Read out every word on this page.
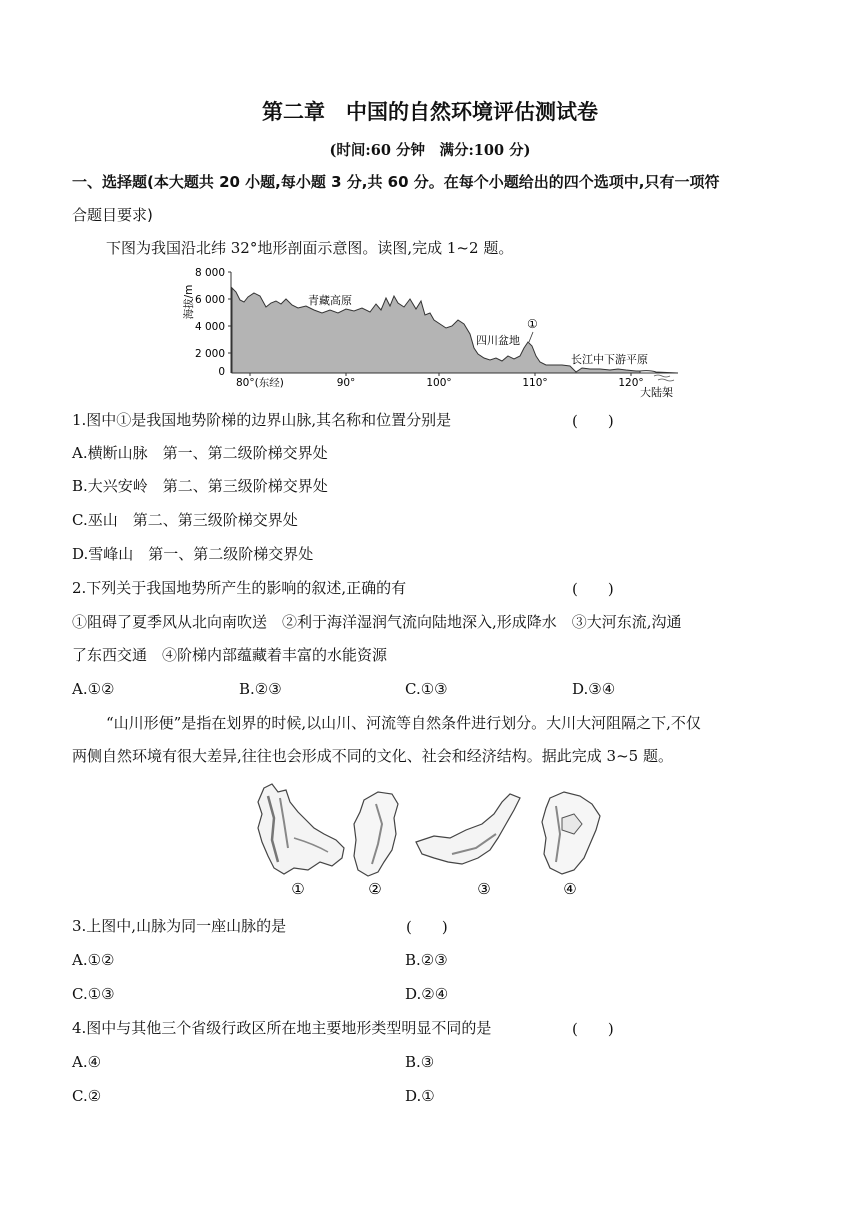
第二章　中国的自然环境评估测试卷
(时间:60 分钟　满分:100 分)
一、选择题(本大题共 20 小题,每小题 3 分,共 60 分。在每个小题给出的四个选项中,只有一项符
合题目要求)
下图为我国沿北纬 32°地形剖面示意图。读图,完成 1~2 题。
海拔/m
8 000
6 000
4 000
2 000
0
80°(东经)	90°	100°	110°	120°
青藏高原
四川盆地
①
长江中下游平原
大陆架
1.图中①是我国地势阶梯的边界山脉,其名称和位置分别是	(　　)
A.横断山脉　第一、第二级阶梯交界处
B.大兴安岭　第二、第三级阶梯交界处
C.巫山　第二、第三级阶梯交界处
D.雪峰山　第一、第二级阶梯交界处
2.下列关于我国地势所产生的影响的叙述,正确的有	(　　)
①阻碍了夏季风从北向南吹送　②利于海洋湿润气流向陆地深入,形成降水　③大河东流,沟通
了东西交通　④阶梯内部蕴藏着丰富的水能资源
A.①②	B.②③	C.①③	D.③④
“山川形便”是指在划界的时候,以山川、河流等自然条件进行划分。大川大河阻隔之下,不仅
两侧自然环境有很大差异,往往也会形成不同的文化、社会和经济结构。据此完成 3~5 题。
①	②	③	④
3.上图中,山脉为同一座山脉的是	(　　)
A.①②	B.②③
C.①③	D.②④
4.图中与其他三个省级行政区所在地主要地形类型明显不同的是	(　　)
A.④	B.③
C.②	D.①
